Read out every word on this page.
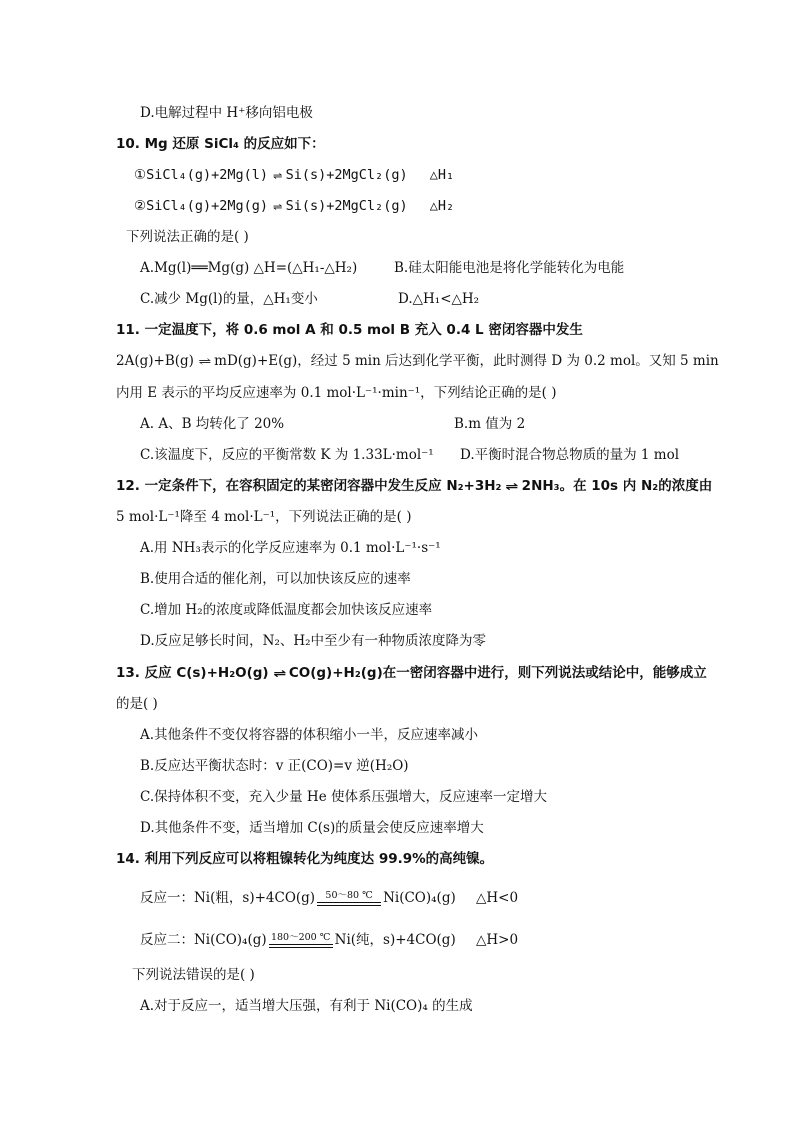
D.电解过程中 H⁺移向铝电极
10. Mg 还原 SiCl₄ 的反应如下：
①SiCl₄(g)+2Mg(l) ⇌ Si(s)+2MgCl₂(g) △H₁
②SiCl₄(g)+2Mg(g) ⇌ Si(s)+2MgCl₂(g) △H₂
下列说法正确的是( )
A.Mg(l)══Mg(g) △H=(△H₁-△H₂)	B.硅太阳能电池是将化学能转化为电能
C.减少 Mg(l)的量，△H₁变小	D.△H₁<△H₂
11. 一定温度下，将 0.6 mol A 和 0.5 mol B 充入 0.4 L 密闭容器中发生
2A(g)+B(g) ⇌ mD(g)+E(g)，经过 5 min 后达到化学平衡，此时测得 D 为 0.2 mol。又知 5 min
内用 E 表示的平均反应速率为 0.1 mol·L⁻¹·min⁻¹，下列结论正确的是( )
A. A、B 均转化了 20%	B.m 值为 2
C.该温度下，反应的平衡常数 K 为 1.33L·mol⁻¹ D.平衡时混合物总物质的量为 1 mol
12. 一定条件下，在容积固定的某密闭容器中发生反应 N₂+3H₂ ⇌ 2NH₃。在 10s 内 N₂的浓度由
5 mol·L⁻¹降至 4 mol·L⁻¹，下列说法正确的是( )
A.用 NH₃表示的化学反应速率为 0.1 mol·L⁻¹·s⁻¹
B.使用合适的催化剂，可以加快该反应的速率
C.增加 H₂的浓度或降低温度都会加快该反应速率
D.反应足够长时间，N₂、H₂中至少有一种物质浓度降为零
13. 反应 C(s)+H₂O(g) ⇌ CO(g)+H₂(g)在一密闭容器中进行，则下列说法或结论中，能够成立
的是( )
A.其他条件不变仅将容器的体积缩小一半，反应速率减小
B.反应达平衡状态时：v 正(CO)=v 逆(H₂O)
C.保持体积不变，充入少量 He 使体系压强增大，反应速率一定增大
D.其他条件不变，适当增加 C(s)的质量会使反应速率增大
14. 利用下列反应可以将粗镍转化为纯度达 99.9%的高纯镍。
反应一：Ni(粗，s)+4CO(g) 50～80 ℃ Ni(CO)₄(g) △H<0
反应二：Ni(CO)₄(g) 180～200 ℃ Ni(纯，s)+4CO(g) △H>0
下列说法错误的是( )
A.对于反应一，适当增大压强，有利于 Ni(CO)₄ 的生成
